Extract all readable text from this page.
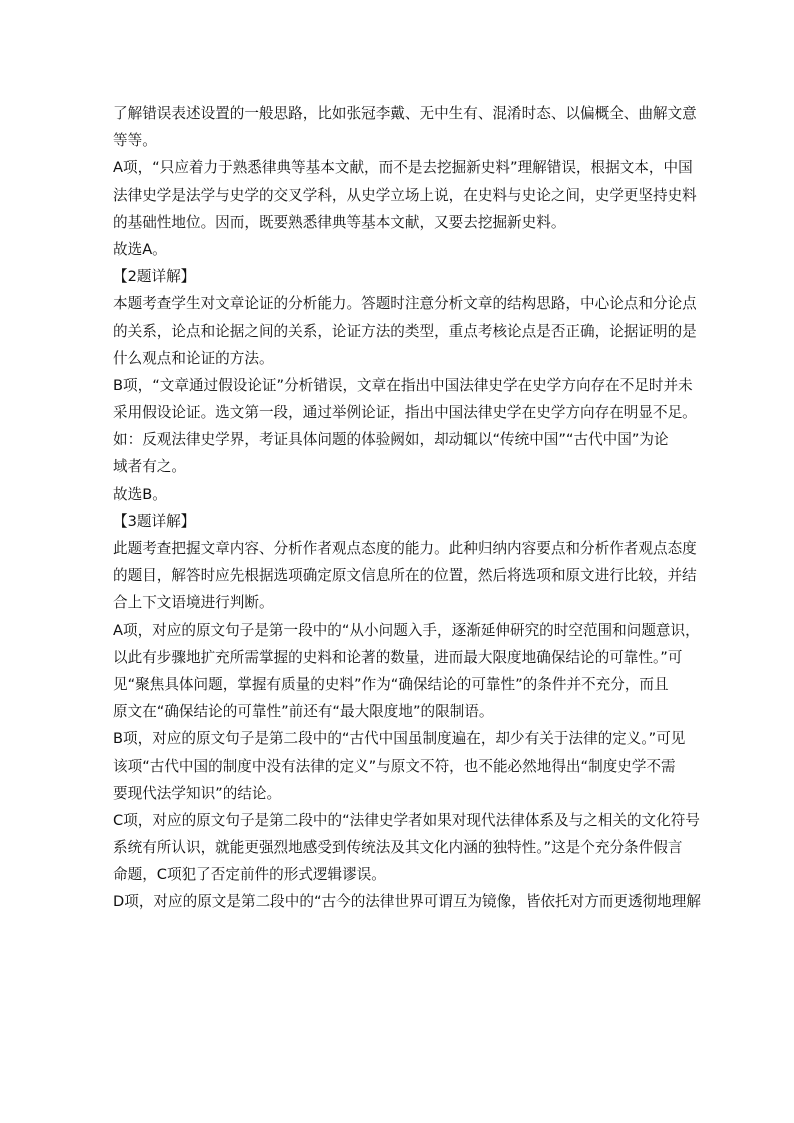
了解错误表述设置的一般思路，比如张冠李戴、无中生有、混淆时态、以偏概全、曲解文意
等等。
A项，“只应着力于熟悉律典等基本文献，而不是去挖掘新史料”理解错误，根据文本，中国
法律史学是法学与史学的交叉学科，从史学立场上说，在史料与史论之间，史学更坚持史料
的基础性地位。因而，既要熟悉律典等基本文献，又要去挖掘新史料。
故选A。
【2题详解】
本题考查学生对文章论证的分析能力。答题时注意分析文章的结构思路，中心论点和分论点
的关系，论点和论据之间的关系，论证方法的类型，重点考核论点是否正确，论据证明的是
什么观点和论证的方法。
B项，“文章通过假设论证”分析错误，文章在指出中国法律史学在史学方向存在不足时并未
采用假设论证。选文第一段，通过举例论证，指出中国法律史学在史学方向存在明显不足。
如：反观法律史学界，考证具体问题的体验阙如，却动辄以“传统中国”“古代中国”为论
域者有之。
故选B。
【3题详解】
此题考查把握文章内容、分析作者观点态度的能力。此种归纳内容要点和分析作者观点态度
的题目，解答时应先根据选项确定原文信息所在的位置，然后将选项和原文进行比较，并结
合上下文语境进行判断。
A项，对应的原文句子是第一段中的“从小问题入手，逐渐延伸研究的时空范围和问题意识，
以此有步骤地扩充所需掌握的史料和论著的数量，进而最大限度地确保结论的可靠性。”可
见“聚焦具体问题，掌握有质量的史料”作为“确保结论的可靠性”的条件并不充分，而且
原文在“确保结论的可靠性”前还有“最大限度地”的限制语。
B项，对应的原文句子是第二段中的“古代中国虽制度遍在，却少有关于法律的定义。”可见
该项“古代中国的制度中没有法律的定义”与原文不符，也不能必然地得出“制度史学不需
要现代法学知识”的结论。
C项，对应的原文句子是第二段中的“法律史学者如果对现代法律体系及与之相关的文化符号
系统有所认识，就能更强烈地感受到传统法及其文化内涵的独特性。”这是个充分条件假言
命题，C项犯了否定前件的形式逻辑谬误。
D项，对应的原文是第二段中的“古今的法律世界可谓互为镜像，皆依托对方而更透彻地理解
